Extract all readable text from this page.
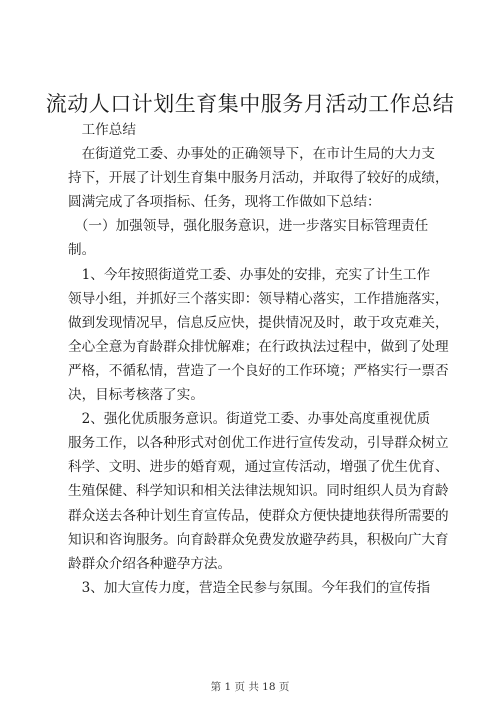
流动人口计划生育集中服务月活动工作总结
　工作总结
　在街道党工委、办事处的正确领导下，在市计生局的大力支
持下，开展了计划生育集中服务月活动，并取得了较好的成绩，
圆满完成了各项指标、任务，现将工作做如下总结：
　（一）加强领导，强化服务意识，进一步落实目标管理责任
制。
　1、今年按照街道党工委、办事处的安排，充实了计生工作
领导小组，并抓好三个落实即：领导精心落实，工作措施落实，
做到发现情况早，信息反应快，提供情况及时，敢于攻克难关，
全心全意为育龄群众排忧解难；在行政执法过程中，做到了处理
严格，不循私情，营造了一个良好的工作环境；严格实行一票否
决，目标考核落了实。
　2、强化优质服务意识。街道党工委、办事处高度重视优质
服务工作，以各种形式对创优工作进行宣传发动，引导群众树立
科学、文明、进步的婚育观，通过宣传活动，增强了优生优育、
生殖保健、科学知识和相关法律法规知识。同时组织人员为育龄
群众送去各种计划生育宣传品，使群众方便快捷地获得所需要的
知识和咨询服务。向育龄群众免费发放避孕药具，积极向广大育
龄群众介绍各种避孕方法。
　3、加大宣传力度，营造全民参与氛围。今年我们的宣传指
第 1 页 共 18 页
